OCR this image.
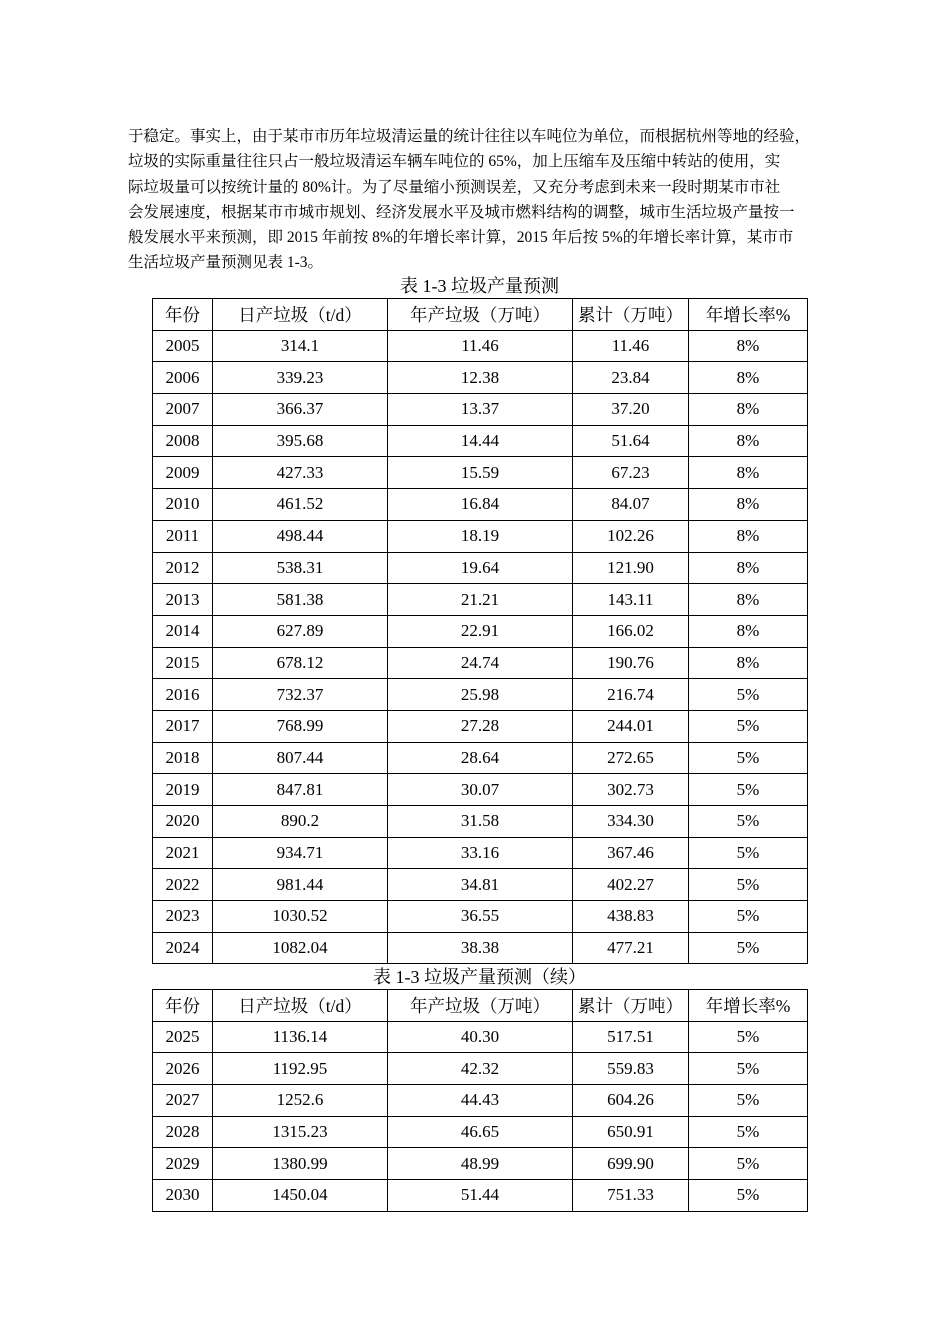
于稳定。事实上，由于某市市历年垃圾清运量的统计往往以车吨位为单位，而根据杭州等地的经验，
垃圾的实际重量往往只占一般垃圾清运车辆车吨位的 65%，加上压缩车及压缩中转站的使用，实
际垃圾量可以按统计量的 80%计。为了尽量缩小预测误差，又充分考虑到未来一段时期某市市社
会发展速度，根据某市市城市规划、经济发展水平及城市燃料结构的调整，城市生活垃圾产量按一
般发展水平来预测，即 2015 年前按 8%的年增长率计算，2015 年后按 5%的年增长率计算，某市市
生活垃圾产量预测见表 1-3。
表 1-3 垃圾产量预测
年份	日产垃圾（t/d）	年产垃圾（万吨）	累计（万吨）	年增长率%
2005	314.1	11.46	11.46	8%
2006	339.23	12.38	23.84	8%
2007	366.37	13.37	37.20	8%
2008	395.68	14.44	51.64	8%
2009	427.33	15.59	67.23	8%
2010	461.52	16.84	84.07	8%
2011	498.44	18.19	102.26	8%
2012	538.31	19.64	121.90	8%
2013	581.38	21.21	143.11	8%
2014	627.89	22.91	166.02	8%
2015	678.12	24.74	190.76	8%
2016	732.37	25.98	216.74	5%
2017	768.99	27.28	244.01	5%
2018	807.44	28.64	272.65	5%
2019	847.81	30.07	302.73	5%
2020	890.2	31.58	334.30	5%
2021	934.71	33.16	367.46	5%
2022	981.44	34.81	402.27	5%
2023	1030.52	36.55	438.83	5%
2024	1082.04	38.38	477.21	5%
表 1-3 垃圾产量预测（续）
年份	日产垃圾（t/d）	年产垃圾（万吨）	累计（万吨）	年增长率%
2025	1136.14	40.30	517.51	5%
2026	1192.95	42.32	559.83	5%
2027	1252.6	44.43	604.26	5%
2028	1315.23	46.65	650.91	5%
2029	1380.99	48.99	699.90	5%
2030	1450.04	51.44	751.33	5%
